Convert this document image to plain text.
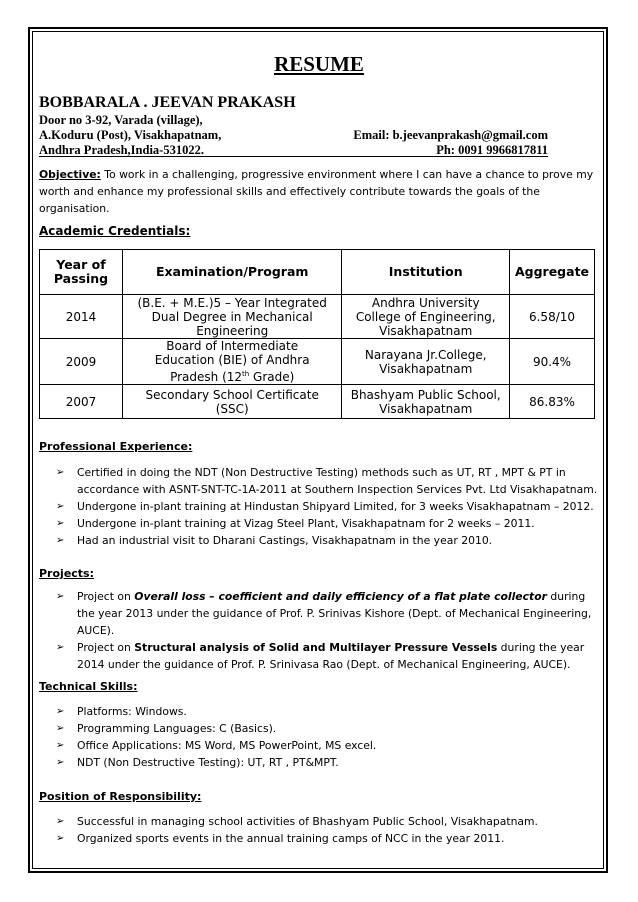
RESUME
BOBBARALA . JEEVAN PRAKASH
Door no 3-92, Varada (village),
A.Koduru (Post), Visakhapatnam,
Andhra Pradesh,India-531022.
Email: b.jeevanprakash@gmail.com
Ph: 0091 9966817811
Objective: To work in a challenging, progressive environment where I can have a chance to prove my worth and enhance my professional skills and effectively contribute towards the goals of the organisation.
Academic Credentials:
Year of Passing	Examination/Program	Institution	Aggregate
2014	(B.E. + M.E.)5 – Year Integrated Dual Degree in Mechanical Engineering	Andhra University College of Engineering, Visakhapatnam	6.58/10
2009	Board of Intermediate Education (BIE) of Andhra Pradesh (12th Grade)	Narayana Jr.College, Visakhapatnam	90.4%
2007	Secondary School Certificate (SSC)	Bhashyam Public School, Visakhapatnam	86.83%
Professional Experience:
➢ Certified in doing the NDT (Non Destructive Testing) methods such as UT, RT , MPT & PT in accordance with ASNT-SNT-TC-1A-2011 at Southern Inspection Services Pvt. Ltd Visakhapatnam.
➢ Undergone in-plant training at Hindustan Shipyard Limited, for 3 weeks Visakhapatnam – 2012.
➢ Undergone in-plant training at Vizag Steel Plant, Visakhapatnam for 2 weeks – 2011.
➢ Had an industrial visit to Dharani Castings, Visakhapatnam in the year 2010.
Projects:
➢ Project on Overall loss – coefficient and daily efficiency of a flat plate collector during the year 2013 under the guidance of Prof. P. Srinivas Kishore (Dept. of Mechanical Engineering, AUCE).
➢ Project on Structural analysis of Solid and Multilayer Pressure Vessels during the year 2014 under the guidance of Prof. P. Srinivasa Rao (Dept. of Mechanical Engineering, AUCE).
Technical Skills:
➢ Platforms: Windows.
➢ Programming Languages: C (Basics).
➢ Office Applications: MS Word, MS PowerPoint, MS excel.
➢ NDT (Non Destructive Testing): UT, RT , PT&MPT.
Position of Responsibility:
➢ Successful in managing school activities of Bhashyam Public School, Visakhapatnam.
➢ Organized sports events in the annual training camps of NCC in the year 2011.
